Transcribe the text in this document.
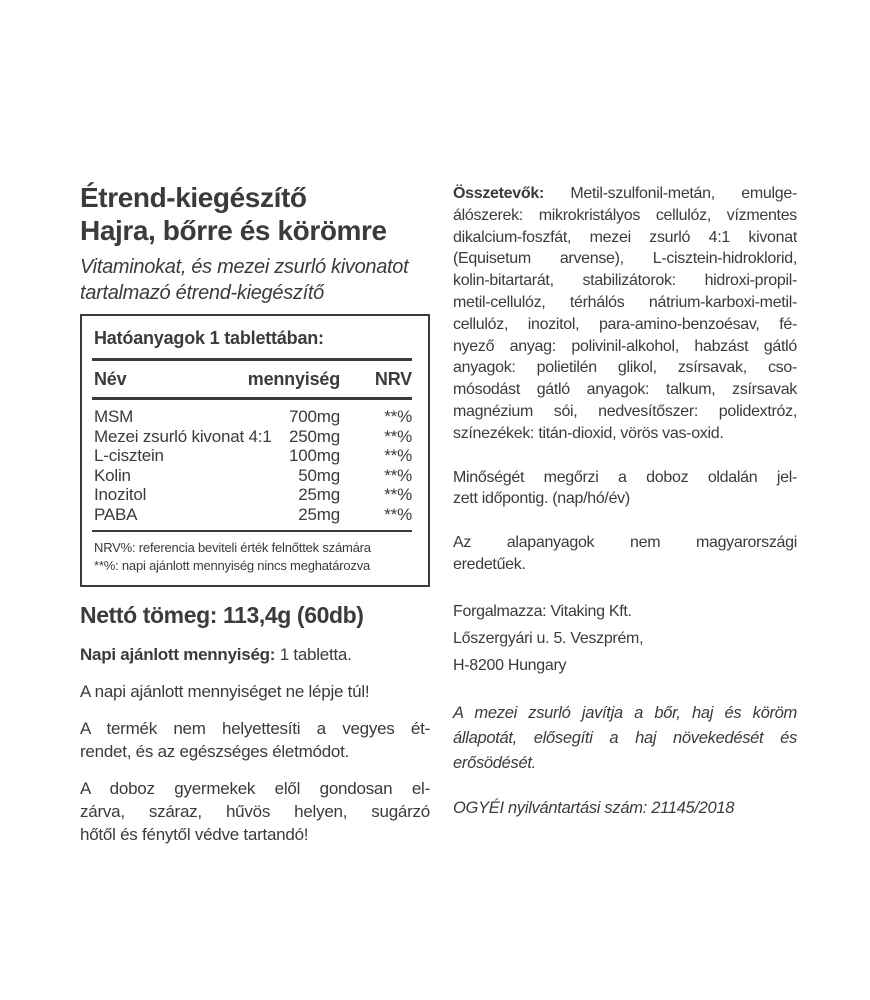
Étrend-kiegészítő
Hajra, bőrre és körömre
Vitaminokat, és mezei zsurló kivonatot
tartalmazó étrend-kiegészítő
Hatóanyagok 1 tablettában:
Név	mennyiség	NRV
MSM	700mg	**%
Mezei zsurló kivonat 4:1	250mg	**%
L-cisztein	100mg	**%
Kolin	50mg	**%
Inozitol	25mg	**%
PABA	25mg	**%
NRV%: referencia beviteli érték felnőttek számára
**%: napi ajánlott mennyiség nincs meghatározva
Nettó tömeg: 113,4g (60db)
Napi ajánlott mennyiség: 1 tabletta.
A napi ajánlott mennyiséget ne lépje túl!
A termék nem helyettesíti a vegyes ét-
rendet, és az egészséges életmódot.
A doboz gyermekek elől gondosan el-
zárva, száraz, hűvös helyen, sugárzó
hőtől és fénytől védve tartandó!
Összetevők: Metil-szulfonil-metán, emulge-
álószerek: mikrokristályos cellulóz, vízmentes
dikalcium-foszfát, mezei zsurló 4:1 kivonat
(Equisetum arvense), L-cisztein-hidroklorid,
kolin-bitartarát, stabilizátorok: hidroxi-propil-
metil-cellulóz, térhálós nátrium-karboxi-metil-
cellulóz, inozitol, para-amino-benzoésav, fé-
nyező anyag: polivinil-alkohol, habzást gátló
anyagok: polietilén glikol, zsírsavak, cso-
mósodást gátló anyagok: talkum, zsírsavak
magnézium sói, nedvesítőszer: polidextróz,
színezékek: titán-dioxid, vörös vas-oxid.
Minőségét megőrzi a doboz oldalán jel-
zett időpontig. (nap/hó/év)
Az alapanyagok nem magyarországi
eredetűek.
Forgalmazza: Vitaking Kft.
Lőszergyári u. 5. Veszprém,
H-8200 Hungary
A mezei zsurló javítja a bőr, haj és köröm
állapotát, elősegíti a haj növekedését és
erősödését.
OGYÉI nyilvántartási szám: 21145/2018
